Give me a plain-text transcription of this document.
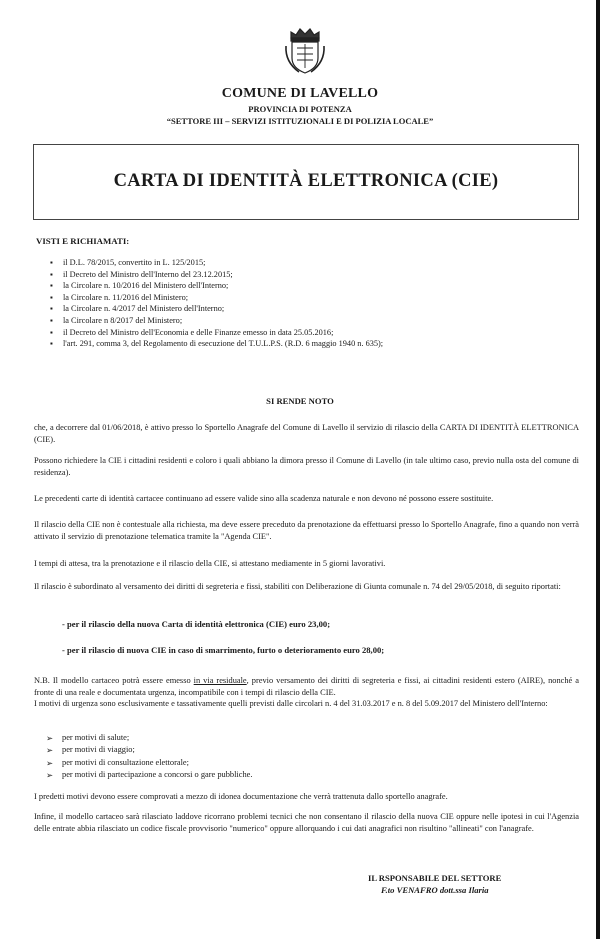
COMUNE DI LAVELLO
PROVINCIA DI POTENZA
“SETTORE III – SERVIZI ISTITUZIONALI E DI POLIZIA LOCALE”
CARTA DI IDENTITÀ ELETTRONICA (CIE)
VISTI E RICHIAMATI:
▪ il D.L. 78/2015, convertito in L. 125/2015;
▪ il Decreto del Ministro dell'Interno del 23.12.2015;
▪ la Circolare n. 10/2016 del Ministero dell'Interno;
▪ la Circolare n. 11/2016 del Ministero;
▪ la Circolare n. 4/2017 del Ministero dell'Interno;
▪ la Circolare n 8/2017 del Ministero;
▪ il Decreto del Ministro dell'Economia e delle Finanze emesso in data 25.05.2016;
▪ l'art. 291, comma 3, del Regolamento di esecuzione del T.U.L.P.S. (R.D. 6 maggio 1940 n. 635);
SI RENDE NOTO
che, a decorrere dal 01/06/2018, è attivo presso lo Sportello Anagrafe del Comune di Lavello il servizio di rilascio della CARTA DI IDENTITÀ ELETTRONICA (CIE).
Possono richiedere la CIE i cittadini residenti e coloro i quali abbiano la dimora presso il Comune di Lavello (in tale ultimo caso, previo nulla osta del comune di residenza).
Le precedenti carte di identità cartacee continuano ad essere valide sino alla scadenza naturale e non devono né possono essere sostituite.
Il rilascio della CIE non è contestuale alla richiesta, ma deve essere preceduto da prenotazione da effettuarsi presso lo Sportello Anagrafe, fino a quando non verrà attivato il servizio di prenotazione telematica tramite la "Agenda CIE".
I tempi di attesa, tra la prenotazione e il rilascio della CIE, si attestano mediamente in 5 giorni lavorativi.
Il rilascio è subordinato al versamento dei diritti di segreteria e fissi, stabiliti con Deliberazione di Giunta comunale n. 74 del 29/05/2018, di seguito riportati:
- per il rilascio della nuova Carta di identità elettronica (CIE) euro 23,00;
- per il rilascio di nuova CIE in caso di smarrimento, furto o deterioramento euro 28,00;
N.B. Il modello cartaceo potrà essere emesso in via residuale, previo versamento dei diritti di segreteria e fissi, ai cittadini residenti estero (AIRE), nonché a fronte di una reale e documentata urgenza, incompatibile con i tempi di rilascio della CIE.
I motivi di urgenza sono esclusivamente e tassativamente quelli previsti dalle circolari n. 4 del 31.03.2017 e n. 8 del 5.09.2017 del Ministero dell'Interno:
➢ per motivi di salute;
➢ per motivi di viaggio;
➢ per motivi di consultazione elettorale;
➢ per motivi di partecipazione a concorsi o gare pubbliche.
I predetti motivi devono essere comprovati a mezzo di idonea documentazione che verrà trattenuta dallo sportello anagrafe.
Infine, il modello cartaceo sarà rilasciato laddove ricorrano problemi tecnici che non consentano il rilascio della nuova CIE oppure nelle ipotesi in cui l'Agenzia delle entrate abbia rilasciato un codice fiscale provvisorio "numerico" oppure allorquando i cui dati anagrafici non risultino "allineati" con l'anagrafe.
IL RSPONSABILE DEL SETTORE
F.to VENAFRO dott.ssa Ilaria
